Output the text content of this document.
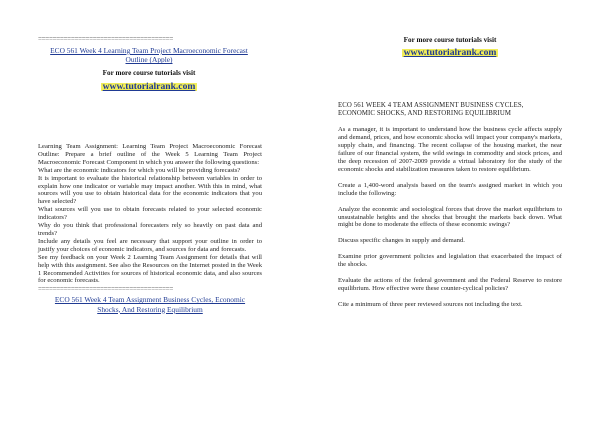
=====================================
ECO 561 Week 4 Learning Team Project Macroeconomic Forecast Outline (Apple)
For more course tutorials visit
www.tutorialrank.com

Learning Team Assignment: Learning Team Project Macroeconomic Forecast Outline: Prepare a brief outline of the Week 5 Learning Team Project Macroeconomic Forecast Component in which you answer the following questions:

What are the economic indicators for which you will be providing forecasts?

It is important to evaluate the historical relationship between variables in order to explain how one indicator or variable may impact another. With this in mind, what sources will you use to obtain historical data for the economic indicators that you have selected?

What sources will you use to obtain forecasts related to your selected economic indicators?

Why do you think that professional forecasters rely so heavily on past data and trends?

Include any details you feel are necessary that support your outline in order to justify your choices of economic indicators, and sources for data and forecasts.

See my feedback on your Week 2 Learning Team Assignment for details that will help with this assignment. See also the Resources on the Internet posted in the Week 1 Recommended Activities for sources of historical economic data, and also sources for economic forecasts.

=====================================
ECO 561 Week 4 Team Assignment Business Cycles, Economic Shocks, And Restoring Equilibrium
For more course tutorials visit
www.tutorialrank.com
ECO 561 WEEK 4 TEAM ASSIGNMENT BUSINESS CYCLES, ECONOMIC SHOCKS, AND RESTORING EQUILIBRIUM

As a manager, it is important to understand how the business cycle affects supply and demand, prices, and how economic shocks will impact your company's markets, supply chain, and financing. The recent collapse of the housing market, the near failure of our financial system, the wild swings in commodity and stock prices, and the deep recession of 2007-2009 provide a virtual laboratory for the study of the economic shocks and stabilization measures taken to restore equilibrium.

Create a 1,400-word analysis based on the team's assigned market in which you include the following:

Analyze the economic and sociological forces that drove the market equilibrium to unsustainable heights and the shocks that brought the markets back down. What might be done to moderate the effects of these economic swings?

Discuss specific changes in supply and demand.

Examine prior government policies and legislation that exacerbated the impact of the shocks.

Evaluate the actions of the federal government and the Federal Reserve to restore equilibrium. How effective were these counter-cyclical policies?

Cite a minimum of three peer reviewed sources not including the text.
